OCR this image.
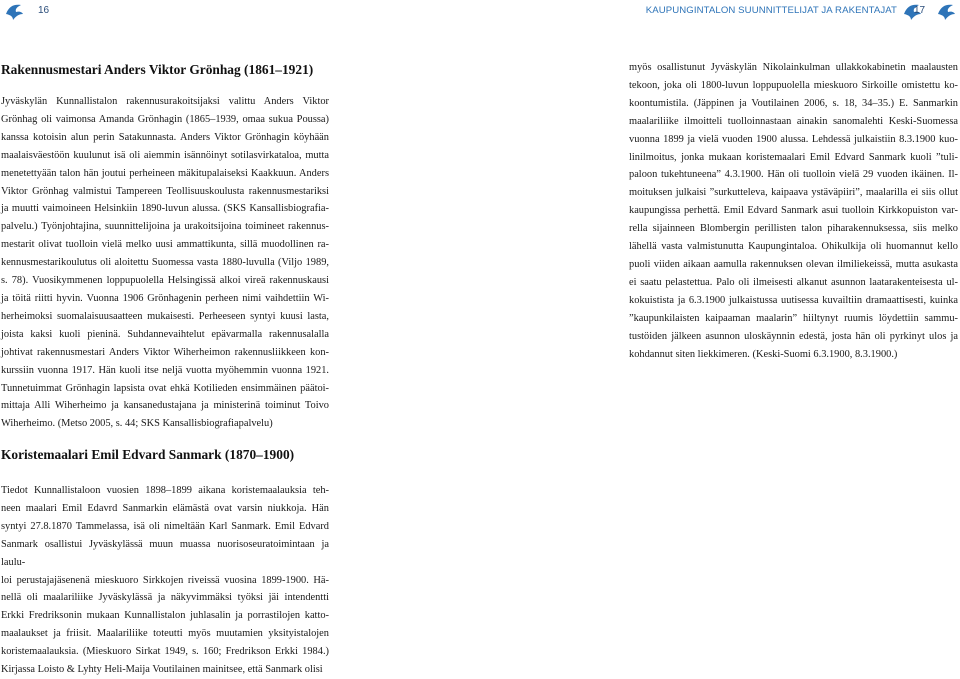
16	KAUPUNGINTALON SUUNNITTELIJAT JA RAKENTAJAT 17
Rakennusmestari Anders Viktor Grönhag (1861–1921)

Jyväskylän Kunnallistalon rakennusurakoitsijaksi valittu Anders Viktor

Grönhag oli vaimonsa Amanda Grönhagin (1865–1939, omaa sukua Poussa)

kanssa kotoisin alun perin Satakunnasta. Anders Viktor Grönhagin köyhään

maalaisväestöön kuulunut isä oli aiemmin isännöinyt sotilasvirkataloa, mutta

menetettyään talon hän joutui perheineen mäkitupalaiseksi Kaakkuun. Anders

Viktor Grönhag valmistui Tampereen Teollisuuskoulusta rakennusmestariksi

ja muutti vaimoineen Helsinkiin 1890-luvun alussa. (SKS Kansallisbiografia-

palvelu.) Työnjohtajina, suunnittelijoina ja urakoitsijoina toimineet rakennus-

mestarit olivat tuolloin vielä melko uusi ammattikunta, sillä muodollinen ra-

kennusmestarikoulutus oli aloitettu Suomessa vasta 1880-luvulla (Viljo 1989,

s. 78). Vuosikymmenen loppupuolella Helsingissä alkoi vireä rakennuskausi

ja töitä riitti hyvin. Vuonna 1906 Grönhagenin perheen nimi vaihdettiin Wi-

herheimoksi suomalaisuusaatteen mukaisesti. Perheeseen syntyi kuusi lasta,

joista kaksi kuoli pieninä. Suhdannevaihtelut epävarmalla rakennusalalla

johtivat rakennusmestari Anders Viktor Wiherheimon rakennusliikkeen kon-

kurssiin vuonna 1917. Hän kuoli itse neljä vuotta myöhemmin vuonna 1921.

Tunnetuimmat Grönhagin lapsista ovat ehkä Kotilieden ensimmäinen päätoi-

mittaja Alli Wiherheimo ja kansanedustajana ja ministerinä toiminut Toivo

Wiherheimo. (Metso 2005, s. 44; SKS Kansallisbiografiapalvelu)

Koristemaalari Emil Edvard Sanmark (1870–1900)

Tiedot Kunnallistaloon vuosien 1898–1899 aikana koristemaalauksia teh-

neen maalari Emil Edavrd Sanmarkin elämästä ovat varsin niukkoja. Hän

syntyi 27.8.1870 Tammelassa, isä oli nimeltään Karl Sanmark. Emil Edvard

Sanmark osallistui Jyväskylässä muun muassa nuorisoseuratoimintaan ja laulu-

loi perustajajäsenenä mieskuoro Sirkkojen riveissä vuosina 1899-1900. Hä-

nellä oli maalariliike Jyväskylässä ja näkyvimmäksi työksi jäi intendentti

Erkki Fredriksonin mukaan Kunnallistalon juhlasalin ja porrastilojen katto-

maalaukset ja friisit. Maalariliike toteutti myös muutamien yksityistalojen

koristemaalauksia. (Mieskuoro Sirkat 1949, s. 160; Fredrikson Erkki 1984.)

Kirjassa Loisto & Lyhty Heli-Maija Voutilainen mainitsee, että Sanmark olisi

myös osallistunut Jyväskylän Nikolainkulman ullakkokabinetin maalausten

tekoon, joka oli 1800-luvun loppupuolella mieskuoro Sirkoille omistettu ko-

koontumistila. (Jäppinen ja Voutilainen 2006, s. 18, 34–35.) E. Sanmarkin

maalariliike ilmoitteli tuolloinnastaan ainakin sanomalehti Keski-Suomessa

vuonna 1899 ja vielä vuoden 1900 alussa. Lehdessä julkaistiin 8.3.1900 kuo-

linilmoitus, jonka mukaan koristemaalari Emil Edvard Sanmark kuoli ”tuli-

paloon tukehtuneena” 4.3.1900. Hän oli tuolloin vielä 29 vuoden ikäinen. Il-

moituksen julkaisi ”surkuttelevа, kaipaava ystäväpiiri”, maalarilla ei siis ollut

kaupungissa perhettä. Emil Edvard Sanmark asui tuolloin Kirkkopuiston var-

rella sijainneen Blombergin perillisten talon piharakennuksessa, siis melko

lähellä vasta valmistunutta Kaupungintaloa. Ohikulkija oli huomannut kello

puoli viiden aikaan aamulla rakennuksen olevan ilmiliekeissä, mutta asukasta

ei saatu pelastettua. Palo oli ilmeisesti alkanut asunnon laatarakenteisesta ul-

kokuistista ja 6.3.1900 julkaistussa uutisessa kuvailtiin dramaattisesti, kuinka

”kaupunkilaisten kaipaaman maalarin” hiiltynyt ruumis löydettiin sammu-

tustöiden jälkeen asunnon uloskäynnin edestä, josta hän oli pyrkinyt ulos ja

kohdannut siten liekkimeren. (Keski-Suomi 6.3.1900, 8.3.1900.)
